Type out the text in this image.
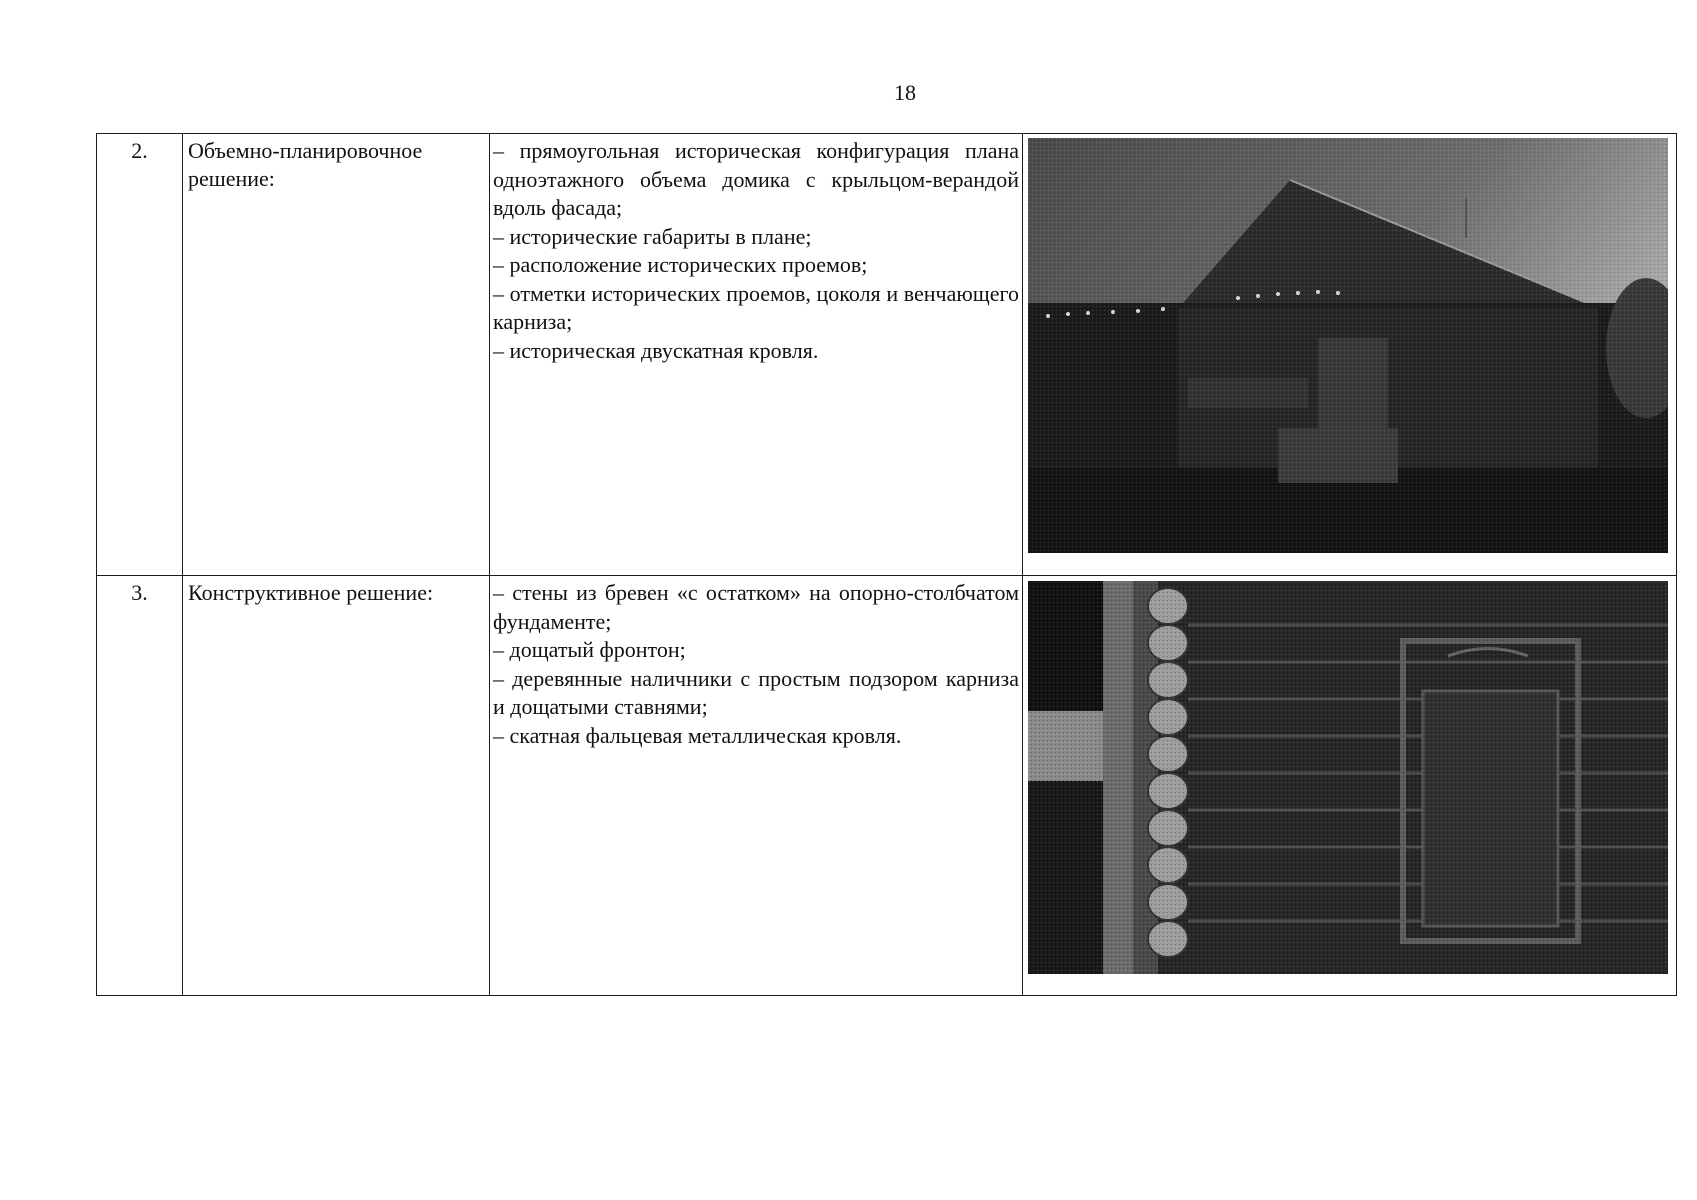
18
2.	Объемно-планировочное решение:	– прямоугольная историческая конфигурация плана одноэтажного объема домика с крыльцом-верандой вдоль фасада;

– исторические габариты в плане;

– расположение исторических проемов;

– отметки исторических проемов, цоколя и венчающего карниза;

– историческая двускатная кровля.

3.	Конструктивное решение:	– стены из бревен «с остатком» на опорно-столбчатом фундаменте;

– дощатый фронтон;

– деревянные наличники с простым подзором карниза и дощатыми ставнями;

– скатная фальцевая металлическая кровля.
